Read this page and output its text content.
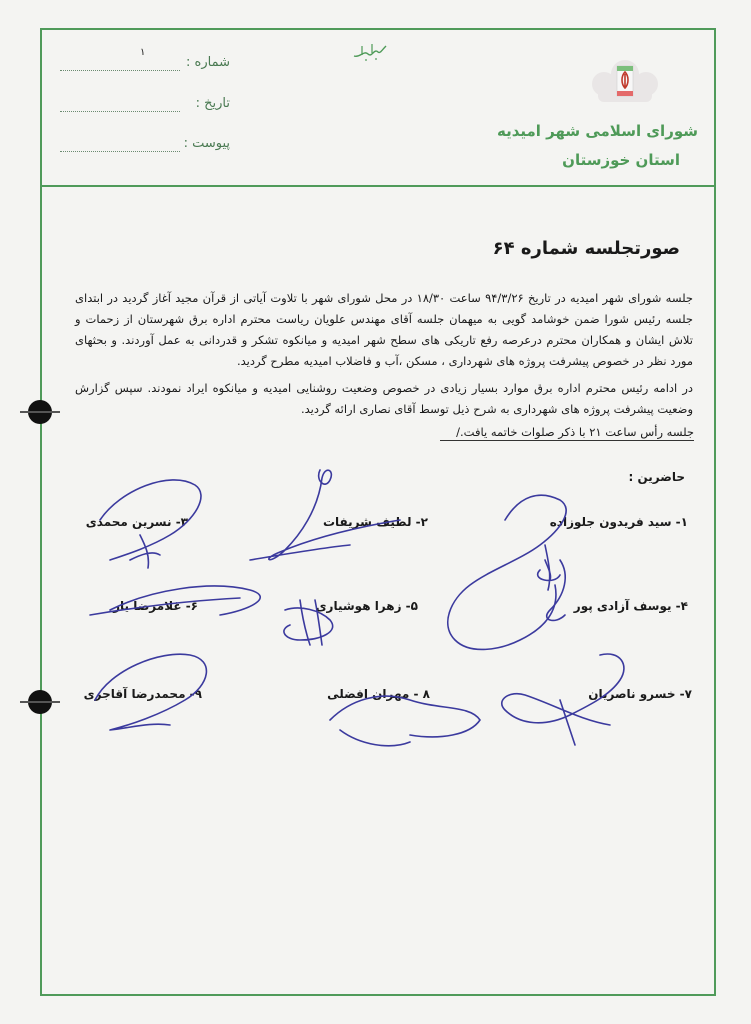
شماره :
۱
تاریخ :
پیوست :
شورای اسلامی شهر امیدیه
استان خوزستان
صورتجلسه شماره ۶۴
جلسه شورای شهر امیدیه در تاریخ ۹۴/۳/۲۶ ساعت ۱۸/۳۰ در محل شورای شهر با تلاوت آیاتی از قرآن مجید آغاز گردید در ابتدای جلسه رئیس شورا ضمن خوشامد گویی به میهمان جلسه آقای مهندس علویان ریاست محترم اداره برق شهرستان از زحمات و تلاش ایشان و همکاران محترم درعرصه رفع تاریکی های سطح شهر امیدیه و میانکوه تشکر و قدردانی به عمل آوردند. و بحثهای مورد نظر در خصوص پیشرفت پروژه های شهرداری ، مسکن ،آب و فاضلاب امیدیه مطرح گردید.
در ادامه رئیس محترم اداره برق موارد بسیار زیادی در خصوص وضعیت روشنایی امیدیه و میانکوه ایراد نمودند. سپس گزارش وضعیت پیشرفت پروژه های شهرداری به شرح ذیل توسط آقای نصاری ارائه گردید.
جلسه رأس ساعت ۲۱ با ذکر صلوات خاتمه یافت./
حاضرین :
۱- سید فریدون جلوزاده
۲- لطیف شریفات
۳- نسرین محمدی
۴- یوسف آزادی پور
۵- زهرا هوشیاری
۶- غلامرضا یار
۷- خسرو ناصریان
۸ - مهران افضلی
۹- محمدرضا آقاجری
